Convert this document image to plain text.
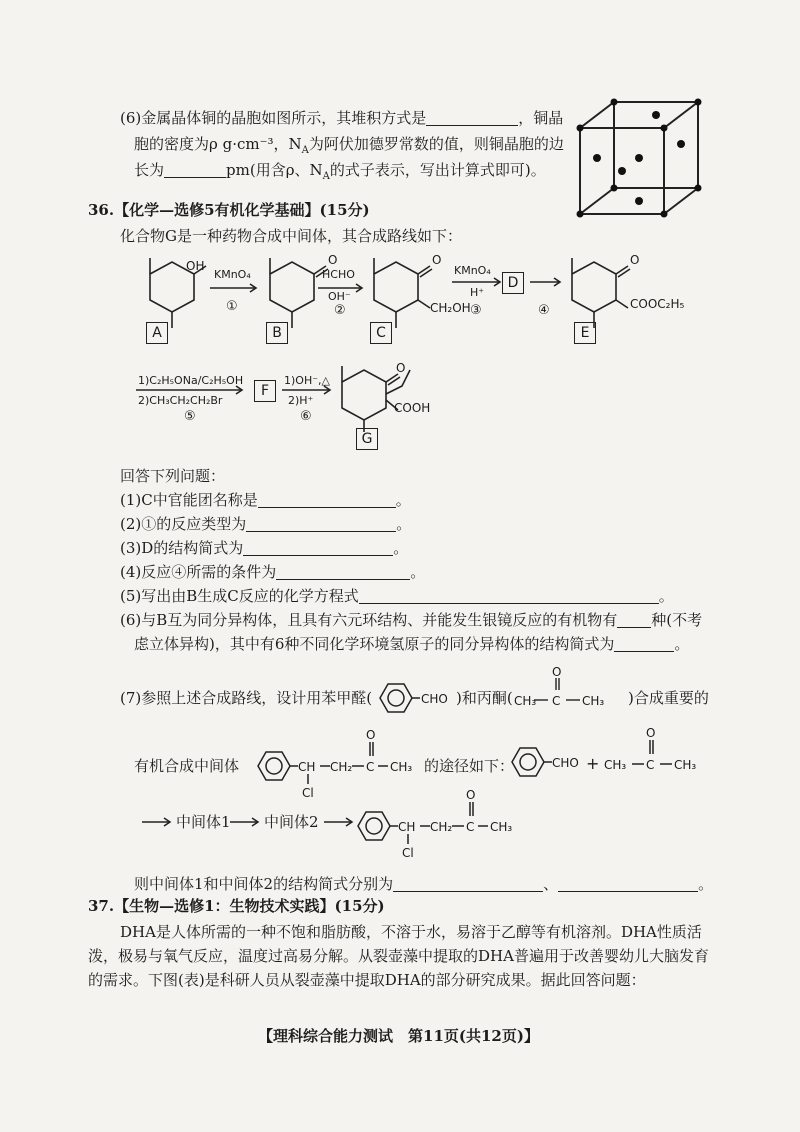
(6)金属晶体铜的晶胞如图所示，其堆积方式是	，铜晶
胞的密度为ρ g·cm⁻³，$N_A$为阿伏加德罗常数的值，则铜晶胞的边
长为	pm(用含ρ、$N_A$的式子表示，写出计算式即可)。
36.【化学—选修5有机化学基础】(15分)
化合物G是一种药物合成中间体，其合成路线如下：
OH
KMnO₄
①
O
HCHO
OH⁻
②
O
CH₂OH
KMnO₄
H⁺
③	④
O
COOC₂H₅
A	B	C
D
E
1)C₂H₅ONa/C₂H₅OH
2)CH₃CH₂CH₂Br
⑤
1)OH⁻,△
2)H⁺
⑥
O
COOH
F
G
回答下列问题：
(1)C中官能团名称是	。
(2)①的反应类型为	。
(3)D的结构简式为	。
(4)反应④所需的条件为	。
(5)写出由B生成C反应的化学方程式	。
(6)与B互为同分异构体，且具有六元环结构、并能发生银镜反应的有机物有 种(不考
虑立体异构)，其中有6种不同化学环境氢原子的同分异构体的结构简式为	。
(7)参照上述合成路线，设计用苯甲醛(	CHO )和丙酮( CH₃ C CH₃
O
)合成重要的
有机合成中间体	CH CH₂ C
O
CH₃
Cl
的途径如下：	CHO + CH₃ C
O
CH₃
中间体1 中间体2	CH CH₂ C
O
CH₃
Cl
则中间体1和中间体2的结构简式分别为	、	。
37.【生物—选修1：生物技术实践】(15分)
DHA是人体所需的一种不饱和脂肪酸，不溶于水，易溶于乙醇等有机溶剂。DHA性质活
泼，极易与氧气反应，温度过高易分解。从裂壶藻中提取的DHA普遍用于改善婴幼儿大脑发育
的需求。下图(表)是科研人员从裂壶藻中提取DHA的部分研究成果。据此回答问题：
【理科综合能力测试　第11页(共12页)】
